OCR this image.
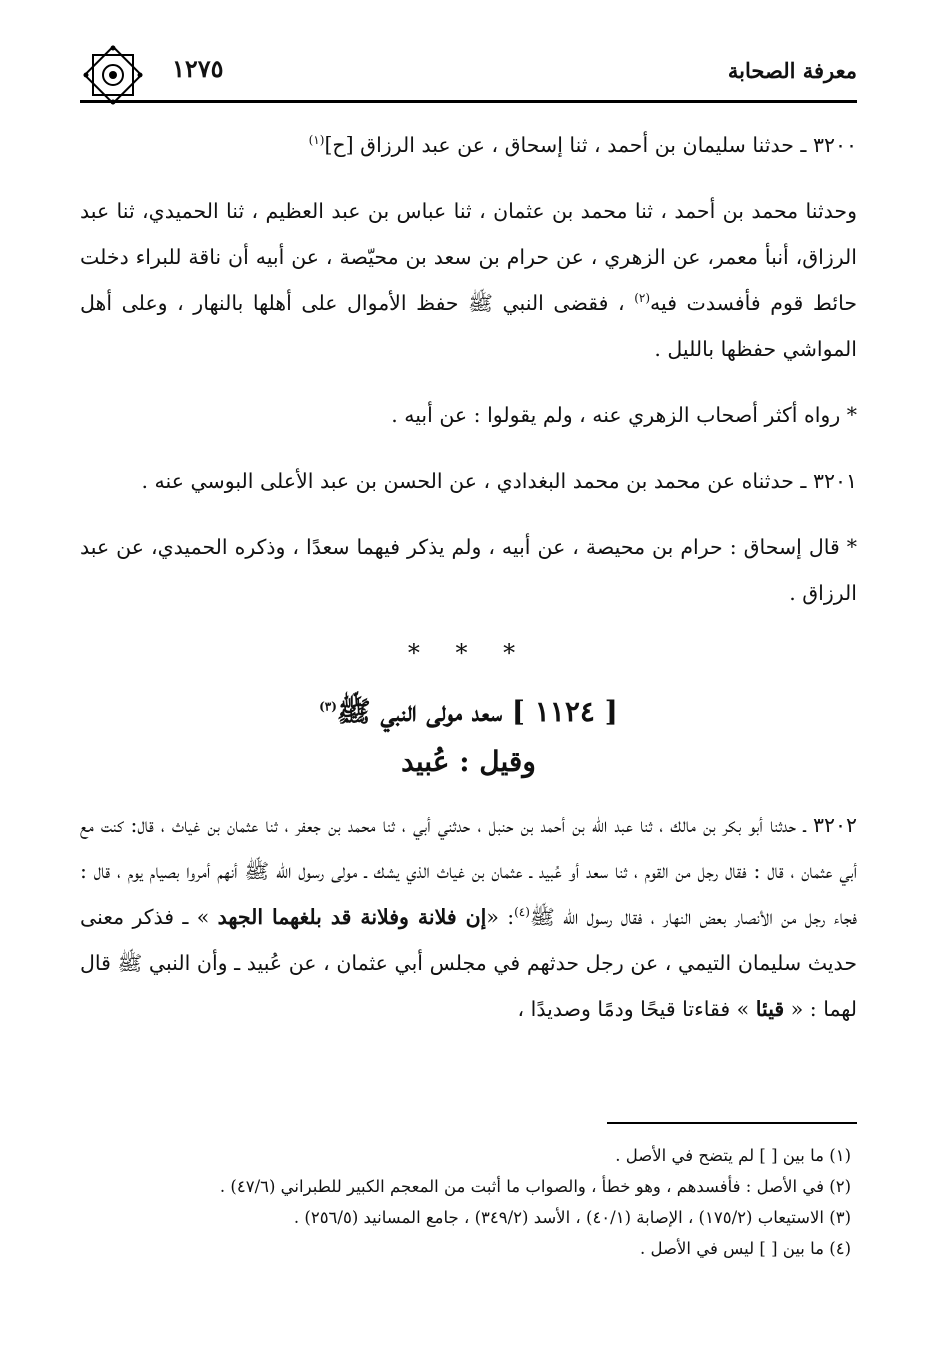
معرفة الصحابة
١٢٧٥

٣٢٠٠ ـ حدثنا سليمان بن أحمد ، ثنا إسحاق ، عن عبد الرزاق [ح]$^{(١)}$

وحدثنا محمد بن أحمد ، ثنا محمد بن عثمان ، ثنا عباس بن عبد العظيم ، ثنا الحميدي، ثنا عبد الرزاق، أنبأ معمر، عن الزهري ، عن حرام بن سعد بن محيّصة ، عن أبيه أن ناقة للبراء دخلت حائط قوم فأفسدت فيه$^{(٢)}$ ، فقضى النبي ﷺ حفظ الأموال على أهلها بالنهار ، وعلى أهل المواشي حفظها بالليل .

* رواه أكثر أصحاب الزهري عنه ، ولم يقولوا : عن أبيه .

٣٢٠١ ـ حدثناه عن محمد بن محمد البغدادي ، عن الحسن بن عبد الأعلى البوسي عنه .

* قال إسحاق : حرام بن محيصة ، عن أبيه ، ولم يذكر فيهما سعدًا ، وذكره الحميدي، عن عبد الرزاق .

* * *
[ ١١٢٤ ] سعد مولى النبي ﷺ$^{(٣)}$
وقيل : عُبيد

٣٢٠٢ ـ حدثنا أبو بكر بن مالك ، ثنا عبد الله بن أحمد بن حنبل ، حدثني أبي ، ثنا محمد بن جعفر ، ثنا عثمان بن غياث ، قال: كنت مع أبي عثمان ، قال : فقال رجل من القوم ، ثنا سعد أو عُبيد ـ عثمان بن غياث الذي يشك ـ مولى رسول الله ﷺ أنهم أمروا بصيام يوم ، قال : فجاء رجل من الأنصار بعض النهار ، فقال رسول الله ﷺ$^{(٤)}$: «إن فلانة وفلانة قد بلغهما الجهد » ـ فذكر معنى حديث سليمان التيمي ، عن رجل حدثهم في مجلس أبي عثمان ، عن عُبيد ـ وأن النبي ﷺ قال لهما : « قيئا » فقاءتا قيحًا ودمًا وصديدًا ،

(١) ما بين [ ] لم يتضح في الأصل .
(٢) في الأصل : فأفسدهم ، وهو خطأ ، والصواب ما أثبت من المعجم الكبير للطبراني (٤٧/٦) .
(٣) الاستيعاب (١٧٥/٢) ، الإصابة (٤٠/١) ، الأسد (٣٤٩/٢) ، جامع المسانيد (٢٥٦/٥) .
(٤) ما بين [ ] ليس في الأصل .
